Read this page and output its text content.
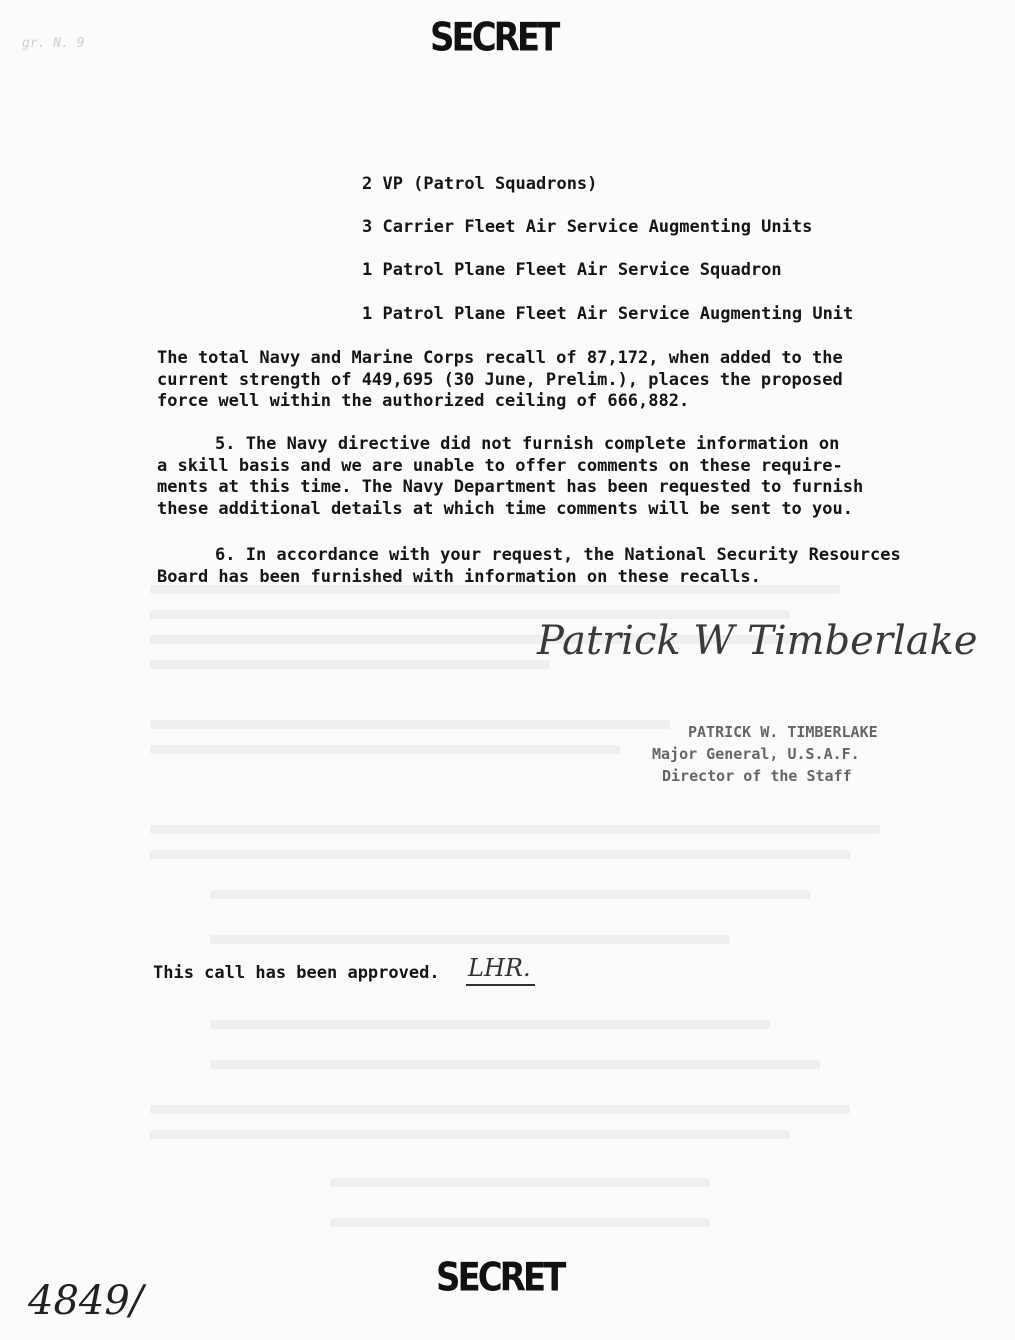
gr. N. 9	SECRET
2 VP (Patrol Squadrons)
3 Carrier Fleet Air Service Augmenting Units
1 Patrol Plane Fleet Air Service Squadron
1 Patrol Plane Fleet Air Service Augmenting Unit
The total Navy and Marine Corps recall of 87,172, when added to the
current strength of 449,695 (30 June, Prelim.), places the proposed
force well within the authorized ceiling of 666,882.
5. The Navy directive did not furnish complete information on
a skill basis and we are unable to offer comments on these require-
ments at this time. The Navy Department has been requested to furnish
these additional details at which time comments will be sent to you.
6. In accordance with your request, the National Security Resources
Board has been furnished with information on these recalls.
Patrick W Timberlake
PATRICK W. TIMBERLAKE
Major General, U.S.A.F.
Director of the Staff
This call has been approved. LHR.
SECRET
4849/
